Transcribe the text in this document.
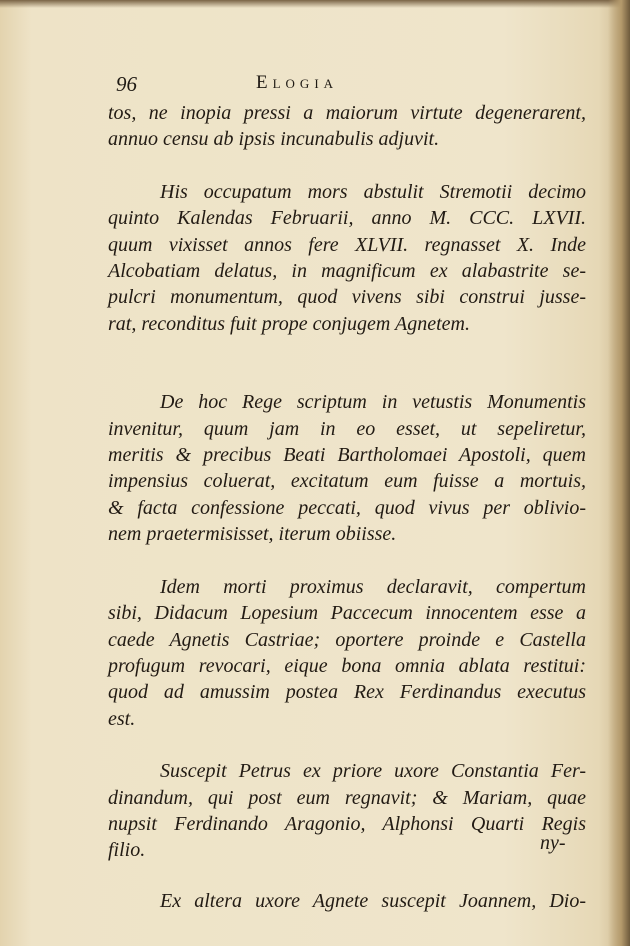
96	Elogia

tos, ne inopia pressi a maiorum virtute degenerarent,
annuo censu ab ipsis incunabulis adjuvit.

His occupatum mors abstulit Stremotii decimo
quinto Kalendas Februarii, anno M. CCC. LXVII.
quum vixisset annos fere XLVII. regnasset X. Inde
Alcobatiam delatus, in magnificum ex alabastrite se-
pulcri monumentum, quod vivens sibi construi jusse-
rat, reconditus fuit prope conjugem Agnetem.

De hoc Rege scriptum in vetustis Monumentis
invenitur, quum jam in eo esset, ut sepeliretur,
meritis & precibus Beati Bartholomaei Apostoli, quem
impensius coluerat, excitatum eum fuisse a mortuis,
& facta confessione peccati, quod vivus per oblivio-
nem praetermisisset, iterum obiisse.

Idem morti proximus declaravit, compertum
sibi, Didacum Lopesium Paccecum innocentem esse a
caede Agnetis Castriae; oportere proinde e Castella
profugum revocari, eique bona omnia ablata restitui:
quod ad amussim postea Rex Ferdinandus executus
est.

Suscepit Petrus ex priore uxore Constantia Fer-
dinandum, qui post eum regnavit; & Mariam, quae
nupsit Ferdinando Aragonio, Alphonsi Quarti Regis
filio.

Ex altera uxore Agnete suscepit Joannem, Dio-

ny-
